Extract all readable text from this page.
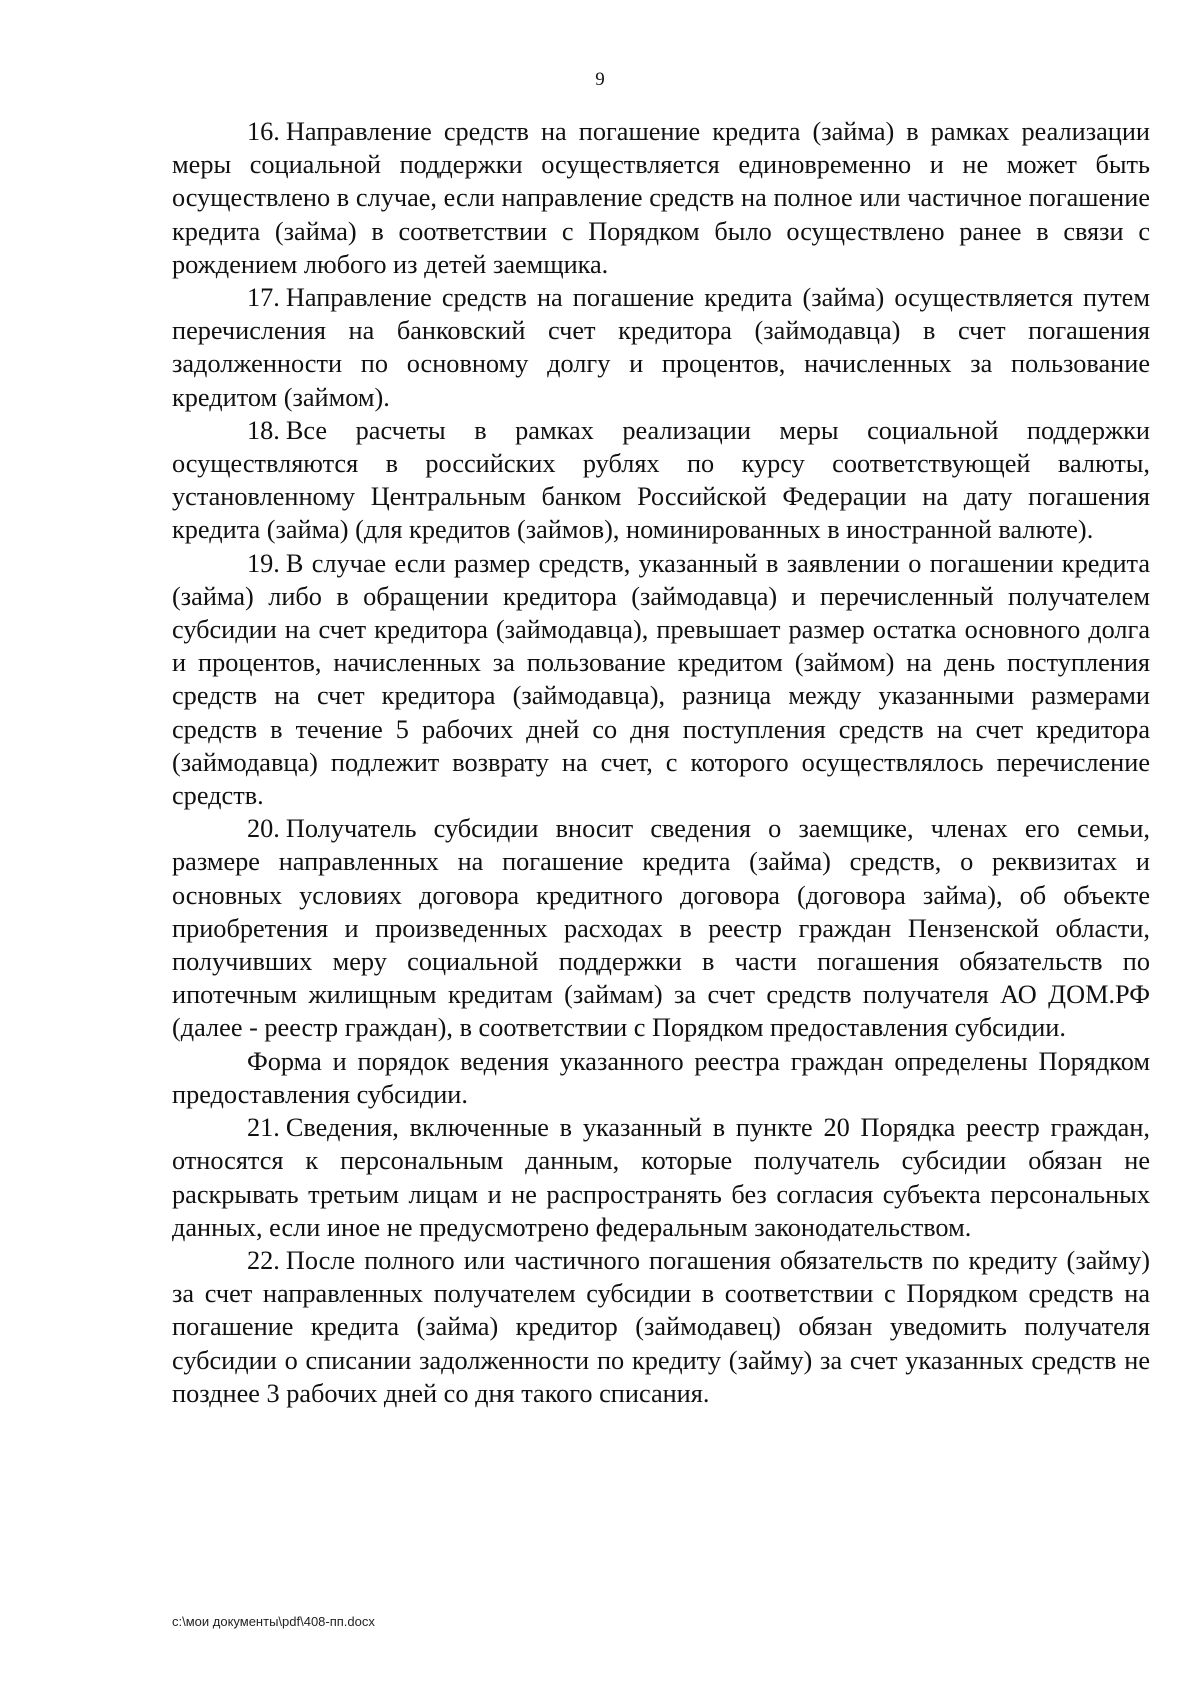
9

16. Направление средств на погашение кредита (займа) в рамках реализации меры социальной поддержки осуществляется единовременно и не может быть осуществлено в случае, если направление средств на полное или частичное погашение кредита (займа) в соответствии с Порядком было осуществлено ранее в связи с рождением любого из детей заемщика.

17. Направление средств на погашение кредита (займа) осуществляется путем перечисления на банковский счет кредитора (займодавца) в счет погашения задолженности по основному долгу и процентов, начисленных за пользование кредитом (займом).

18. Все расчеты в рамках реализации меры социальной поддержки осуществляются в российских рублях по курсу соответствующей валюты, установленному Центральным банком Российской Федерации на дату погашения кредита (займа) (для кредитов (займов), номинированных в иностранной валюте).

19. В случае если размер средств, указанный в заявлении о погашении кредита (займа) либо в обращении кредитора (займодавца) и перечисленный получателем субсидии на счет кредитора (займодавца), превышает размер остатка основного долга и процентов, начисленных за пользование кредитом (займом) на день поступления средств на счет кредитора (займодавца), разница между указанными размерами средств в течение 5 рабочих дней со дня поступления средств на счет кредитора (займодавца) подлежит возврату на счет, с которого осуществлялось перечисление средств.

20. Получатель субсидии вносит сведения о заемщике, членах его семьи, размере направленных на погашение кредита (займа) средств, о реквизитах и основных условиях договора кредитного договора (договора займа), об объекте приобретения и произведенных расходах в реестр граждан Пензенской области, получивших меру социальной поддержки в части погашения обязательств по ипотечным жилищным кредитам (займам) за счет средств получателя АО ДОМ.РФ (далее - реестр граждан), в соответствии с Порядком предоставления субсидии.

Форма и порядок ведения указанного реестра граждан определены Порядком предоставления субсидии.

21. Сведения, включенные в указанный в пункте 20 Порядка реестр граждан, относятся к персональным данным, которые получатель субсидии обязан не раскрывать третьим лицам и не распространять без согласия субъекта персональных данных, если иное не предусмотрено федеральным законодательством.

22. После полного или частичного погашения обязательств по кредиту (займу) за счет направленных получателем субсидии в соответствии с Порядком средств на погашение кредита (займа) кредитор (займодавец) обязан уведомить получателя субсидии о списании задолженности по кредиту (займу) за счет указанных средств не позднее 3 рабочих дней со дня такого списания.

c:\мои документы\pdf\408-пп.docx
